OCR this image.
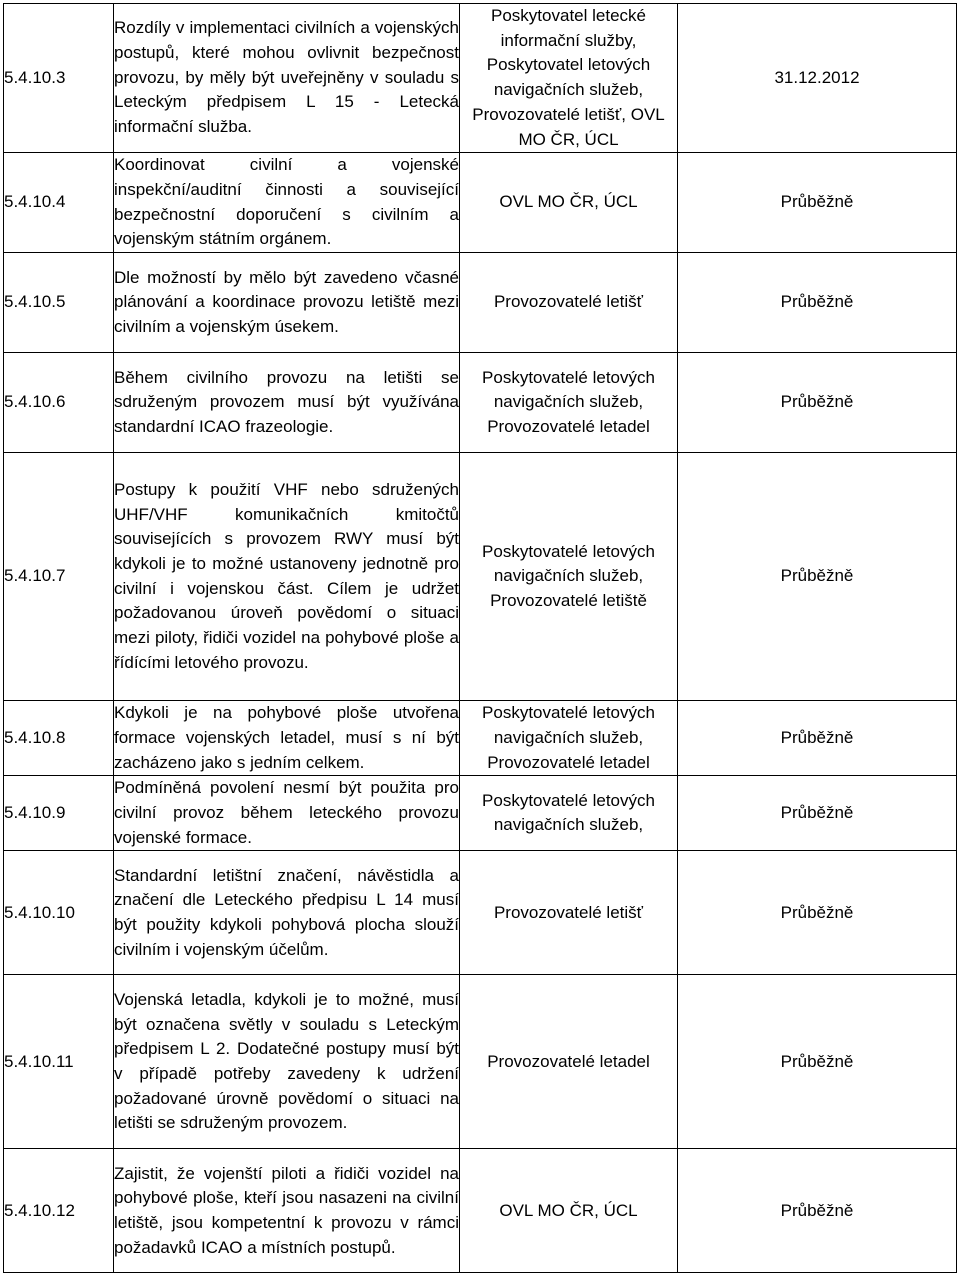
5.4.10.3	Rozdíly v implementaci civilních a vojenských postupů, které mohou ovlivnit bezpečnost provozu, by měly být uveřejněny v souladu s Leteckým předpisem L 15 - Letecká informační služba.	Poskytovatel letecké informační služby, Poskytovatel letových navigačních služeb, Provozovatelé letišť, OVL MO ČR, ÚCL	31.12.2012
5.4.10.4	Koordinovat civilní a vojenské inspekční/auditní činnosti a související bezpečnostní doporučení s civilním a vojenským státním orgánem.	OVL MO ČR, ÚCL	Průběžně
5.4.10.5	Dle možností by mělo být zavedeno včasné plánování a koordinace provozu letiště mezi civilním a vojenským úsekem.	Provozovatelé letišť	Průběžně
5.4.10.6	Během civilního provozu na letišti se sdruženým provozem musí být využívána standardní ICAO frazeologie.	Poskytovatelé letových navigačních služeb, Provozovatelé letadel	Průběžně
5.4.10.7	Postupy k použití VHF nebo sdružených UHF/VHF komunikačních kmitočtů souvisejících s provozem RWY musí být kdykoli je to možné ustanoveny jednotně pro civilní i vojenskou část. Cílem je udržet požadovanou úroveň povědomí o situaci mezi piloty, řidiči vozidel na pohybové ploše a řídícími letového provozu.	Poskytovatelé letových navigačních služeb, Provozovatelé letiště	Průběžně
5.4.10.8	Kdykoli je na pohybové ploše utvořena formace vojenských letadel, musí s ní být zacházeno jako s jedním celkem.	Poskytovatelé letových navigačních služeb, Provozovatelé letadel	Průběžně
5.4.10.9	Podmíněná povolení nesmí být použita pro civilní provoz během leteckého provozu vojenské formace.	Poskytovatelé letových navigačních služeb,	Průběžně
5.4.10.10	Standardní letištní značení, návěstidla a značení dle Leteckého předpisu L 14 musí být použity kdykoli pohybová plocha slouží civilním i vojenským účelům.	Provozovatelé letišť	Průběžně
5.4.10.11	Vojenská letadla, kdykoli je to možné, musí být označena světly v souladu s Leteckým předpisem L 2. Dodatečné postupy musí být v případě potřeby zavedeny k udržení požadované úrovně povědomí o situaci na letišti se sdruženým provozem.	Provozovatelé letadel	Průběžně
5.4.10.12	Zajistit, že vojenští piloti a řidiči vozidel na pohybové ploše, kteří jsou nasazeni na civilní letiště, jsou kompetentní k provozu v rámci požadavků ICAO a místních postupů.	OVL MO ČR, ÚCL	Průběžně
